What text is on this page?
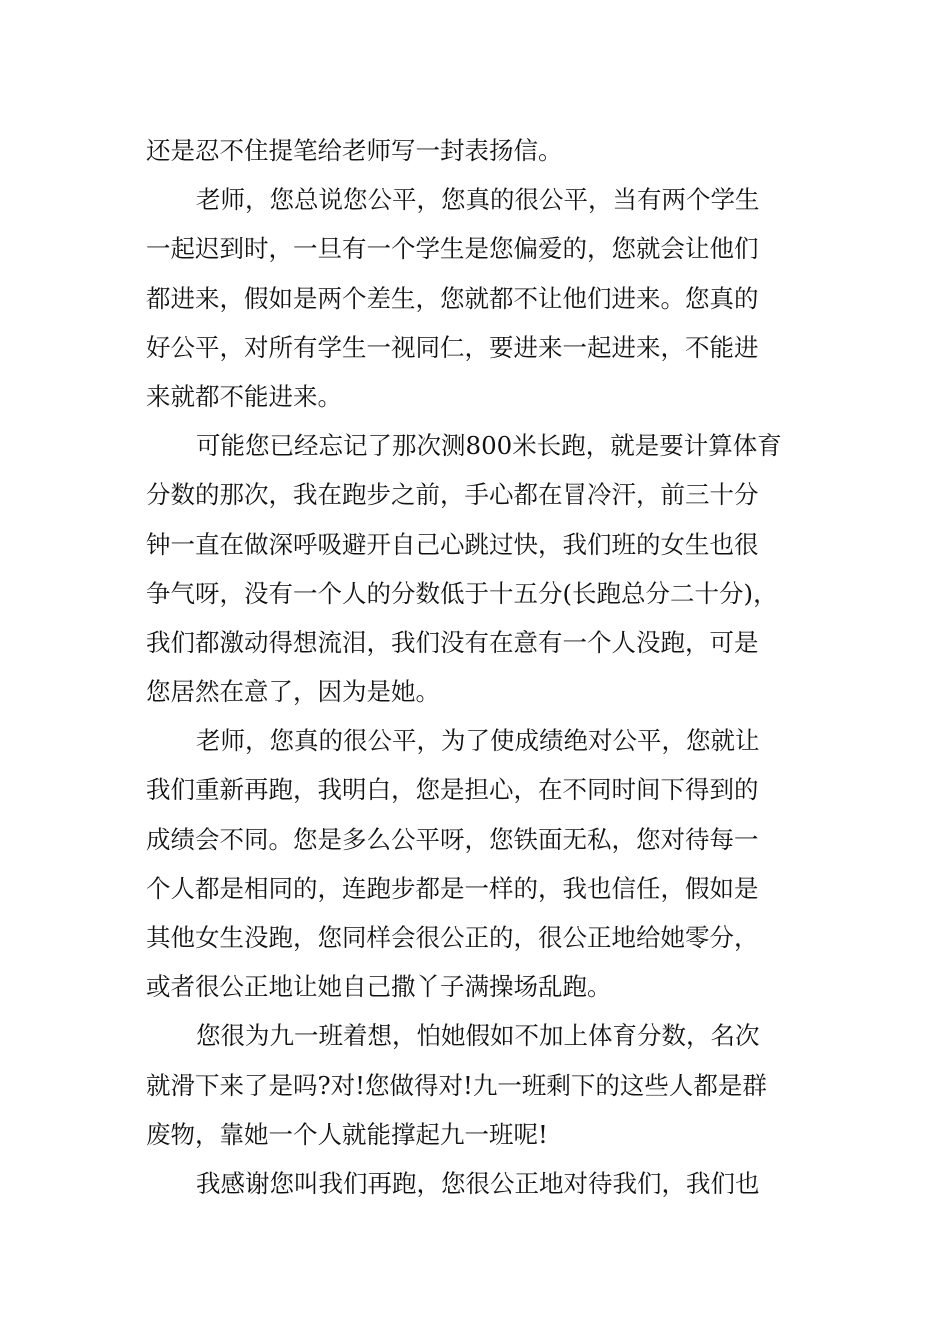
还是忍不住提笔给老师写一封表扬信。
老师，您总说您公平，您真的很公平，当有两个学生
一起迟到时，一旦有一个学生是您偏爱的，您就会让他们
都进来，假如是两个差生，您就都不让他们进来。您真的
好公平，对所有学生一视同仁，要进来一起进来，不能进
来就都不能进来。
可能您已经忘记了那次测800米长跑，就是要计算体育
分数的那次，我在跑步之前，手心都在冒冷汗，前三十分
钟一直在做深呼吸避开自己心跳过快，我们班的女生也很
争气呀，没有一个人的分数低于十五分(长跑总分二十分)，
我们都激动得想流泪，我们没有在意有一个人没跑，可是
您居然在意了，因为是她。
老师，您真的很公平，为了使成绩绝对公平，您就让
我们重新再跑，我明白，您是担心，在不同时间下得到的
成绩会不同。您是多么公平呀，您铁面无私，您对待每一
个人都是相同的，连跑步都是一样的，我也信任，假如是
其他女生没跑，您同样会很公正的，很公正地给她零分，
或者很公正地让她自己撒丫子满操场乱跑。
您很为九一班着想，怕她假如不加上体育分数，名次
就滑下来了是吗?对!您做得对!九一班剩下的这些人都是群
废物，靠她一个人就能撑起九一班呢!
我感谢您叫我们再跑，您很公正地对待我们，我们也
